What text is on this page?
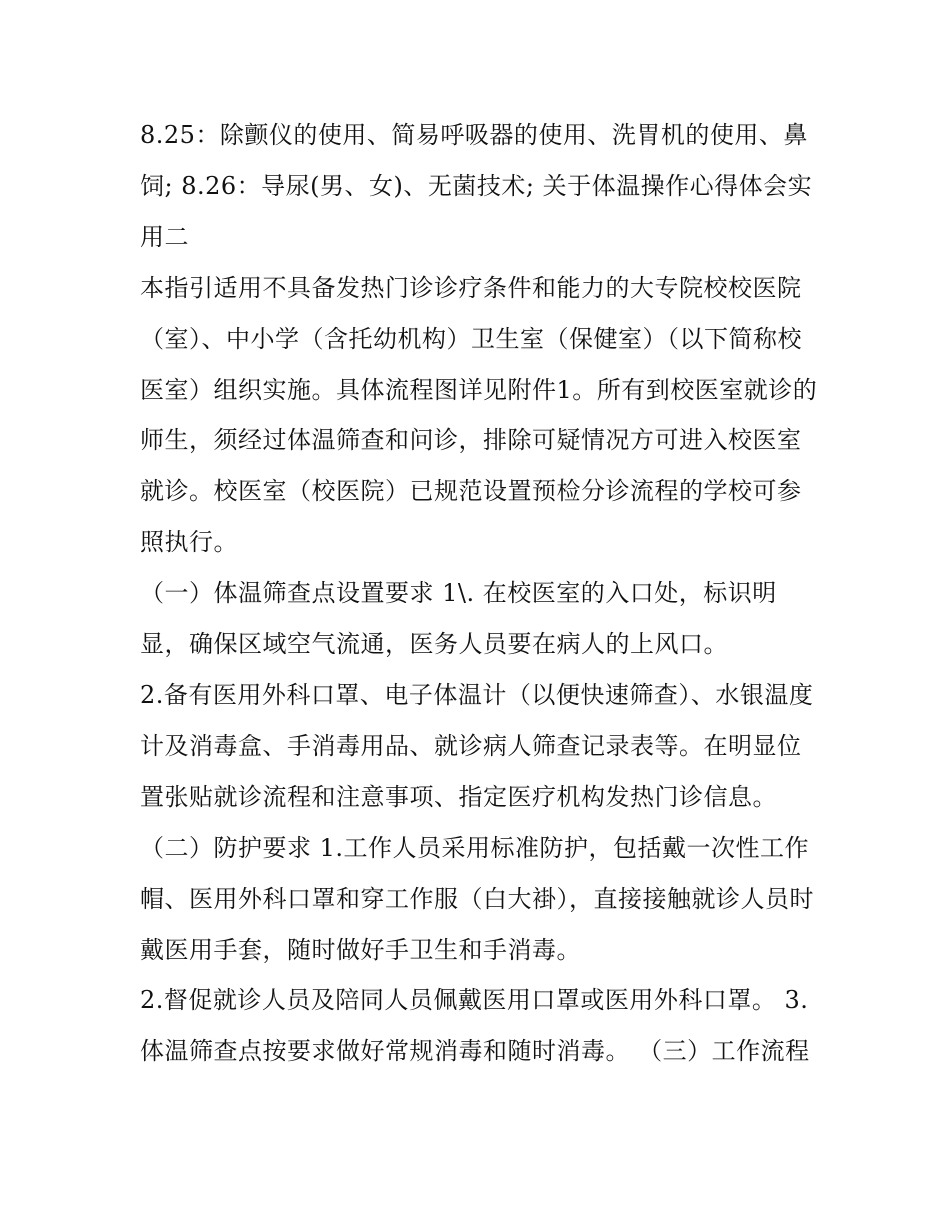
8.25：除颤仪的使用、简易呼吸器的使用、洗胃机的使用、鼻饲; 8.26：导尿(男、女)、无菌技术; 关于体温操作心得体会实用二

本指引适用不具备发热门诊诊疗条件和能力的大专院校校医院（室）、中小学（含托幼机构）卫生室（保健室）（以下简称校医室）组织实施。具体流程图详见附件1。所有到校医室就诊的师生，须经过体温筛查和问诊，排除可疑情况方可进入校医室就诊。校医室（校医院）已规范设置预检分诊流程的学校可参照执行。

（一）体温筛查点设置要求 1\. 在校医室的入口处，标识明显，确保区域空气流通，医务人员要在病人的上风口。

2.备有医用外科口罩、电子体温计（以便快速筛查）、水银温度计及消毒盒、手消毒用品、就诊病人筛查记录表等。在明显位置张贴就诊流程和注意事项、指定医疗机构发热门诊信息。

（二）防护要求 1.工作人员采用标准防护，包括戴一次性工作帽、医用外科口罩和穿工作服（白大褂），直接接触就诊人员时戴医用手套，随时做好手卫生和手消毒。

2.督促就诊人员及陪同人员佩戴医用口罩或医用外科口罩。 3.体温筛查点按要求做好常规消毒和随时消毒。 （三）工作流程
